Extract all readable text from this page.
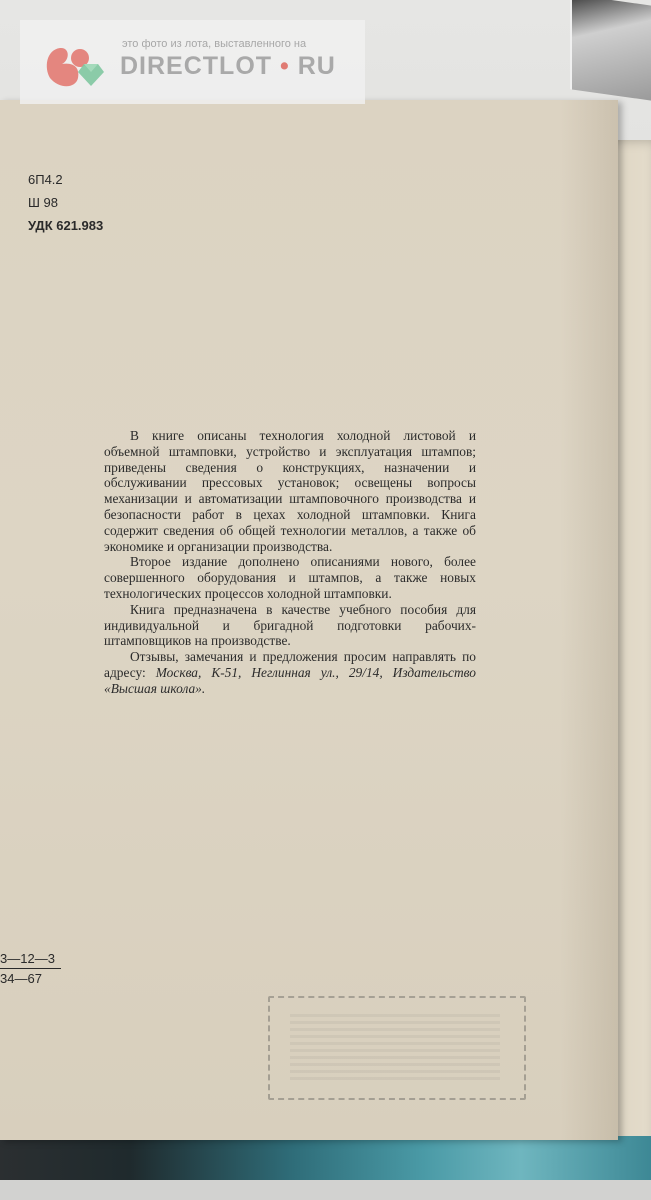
это фото из лота, выставленного на
DIRECTLOT • RU
6П4.2
Ш 98
УДК 621.983

В книге описаны технология холодной листовой и объемной штамповки, устройство и эксплуатация штампов; приведены сведения о конструкциях, назначении и обслуживании прессовых установок; освещены вопросы механизации и автоматизации штамповочного производства и безопасности работ в цехах холодной штамповки. Книга содержит сведения об общей технологии металлов, а также об экономике и организации производства.

Второе издание дополнено описаниями нового, более совершенного оборудования и штампов, а также новых технологических процессов холодной штамповки.

Книга предназначена в качестве учебного пособия для индивидуальной и бригадной подготовки рабочих-штамповщиков на производстве.

Отзывы, замечания и предложения просим направлять по адресу: Москва, К-51, Неглинная ул., 29/14, Издательство «Высшая школа».

3—12—3
34—67
